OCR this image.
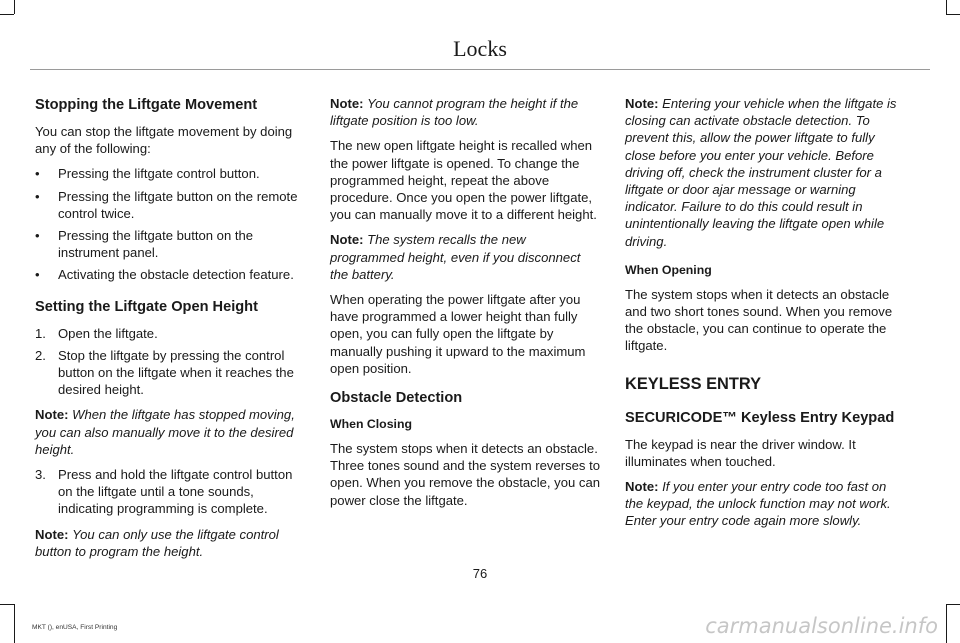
Locks
Stopping the Liftgate Movement

You can stop the liftgate movement by doing any of the following:

• Pressing the liftgate control button.
• Pressing the liftgate button on the remote control twice.
• Pressing the liftgate button on the instrument panel.
• Activating the obstacle detection feature.
Setting the Liftgate Open Height
1. Open the liftgate.
2. Stop the liftgate by pressing the control button on the liftgate when it reaches the desired height.

Note: When the liftgate has stopped moving, you can also manually move it to the desired height.

3. Press and hold the liftgate control button on the liftgate until a tone sounds, indicating programming is complete.

Note: You can only use the liftgate control button to program the height.

Note: You cannot program the height if the liftgate position is too low.

The new open liftgate height is recalled when the power liftgate is opened. To change the programmed height, repeat the above procedure. Once you open the power liftgate, you can manually move it to a different height.

Note: The system recalls the new programmed height, even if you disconnect the battery.

When operating the power liftgate after you have programmed a lower height than fully open, you can fully open the liftgate by manually pushing it upward to the maximum open position.

Obstacle Detection
When Closing

The system stops when it detects an obstacle. Three tones sound and the system reverses to open. When you remove the obstacle, you can power close the liftgate.

Note: Entering your vehicle when the liftgate is closing can activate obstacle detection. To prevent this, allow the power liftgate to fully close before you enter your vehicle. Before driving off, check the instrument cluster for a liftgate or door ajar message or warning indicator. Failure to do this could result in unintentionally leaving the liftgate open while driving.

When Opening

The system stops when it detects an obstacle and two short tones sound. When you remove the obstacle, you can continue to operate the liftgate.

KEYLESS ENTRY
SECURICODE™ Keyless Entry Keypad

The keypad is near the driver window. It illuminates when touched.

Note: If you enter your entry code too fast on the keypad, the unlock function may not work. Enter your entry code again more slowly.

76
MKT (), enUSA, First Printing	carmanualsonline.info
